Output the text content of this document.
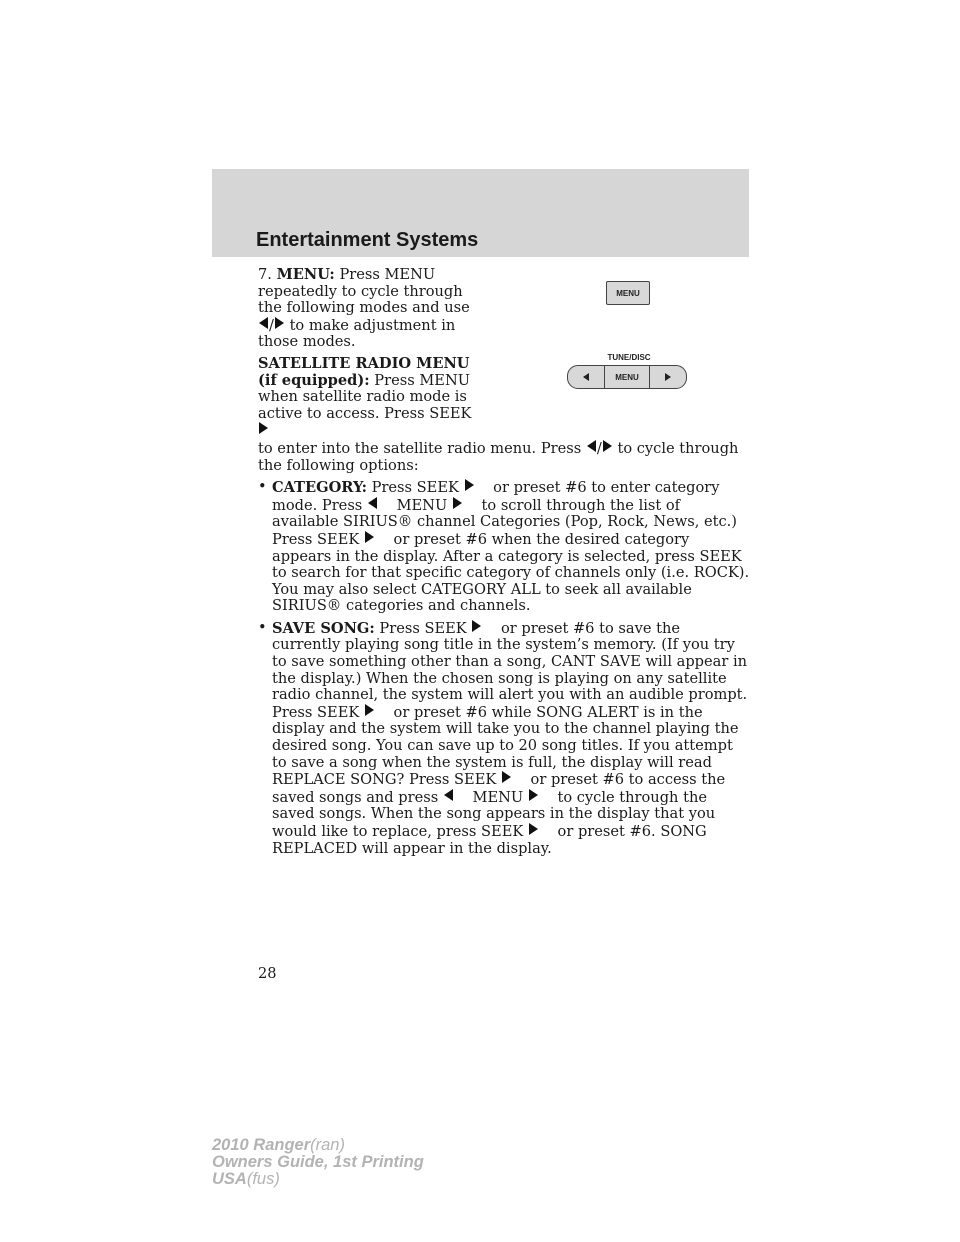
Entertainment Systems
MENU
TUNE/DISC
MENU

7. MENU: Press MENU repeatedly to cycle through the following modes and use / to make adjustment in those modes.

SATELLITE RADIO MENU (if equipped): Press MENU when satellite radio mode is active to access. Press SEEK
to enter into the satellite radio menu. Press / to cycle through the following options:

• CATEGORY: Press SEEK or preset #6 to enter category mode. Press MENU to scroll through the list of available SIRIUS® channel Categories (Pop, Rock, News, etc.) Press SEEK or preset #6 when the desired category appears in the display. After a category is selected, press SEEK to search for that specific category of channels only (i.e. ROCK). You may also select CATEGORY ALL to seek all available SIRIUS® categories and channels.
• SAVE SONG: Press SEEK or preset #6 to save the currently playing song title in the system’s memory. (If you try to save something other than a song, CANT SAVE will appear in the display.) When the chosen song is playing on any satellite radio channel, the system will alert you with an audible prompt. Press SEEK or preset #6 while SONG ALERT is in the display and the system will take you to the channel playing the desired song. You can save up to 20 song titles. If you attempt to save a song when the system is full, the display will read REPLACE SONG? Press SEEK or preset #6 to access the saved songs and press MENU to cycle through the saved songs. When the song appears in the display that you would like to replace, press SEEK or preset #6. SONG REPLACED will appear in the display.
28
2010 Ranger(ran)
Owners Guide, 1st Printing
USA(fus)
